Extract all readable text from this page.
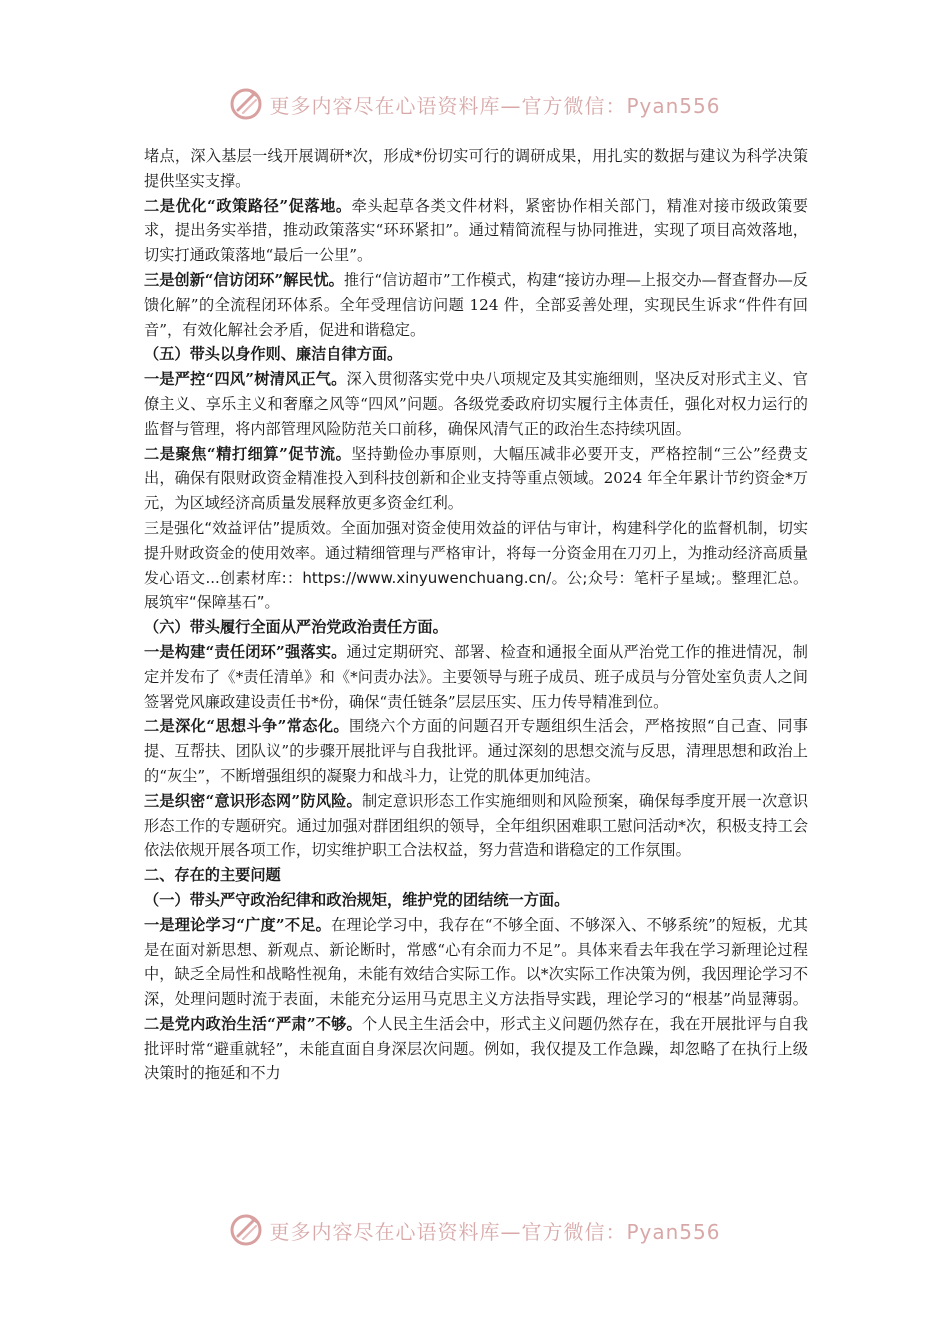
更多内容尽在心语资料库—官方微信：Pyan556

堵点，深入基层一线开展调研*次，形成*份切实可行的调研成果，用扎实的数据与建议为科学决策提供坚实支撑。

二是优化“政策路径”促落地。牵头起草各类文件材料，紧密协作相关部门，精准对接市级政策要求，提出务实举措，推动政策落实“环环紧扣”。通过精简流程与协同推进，实现了项目高效落地，切实打通政策落地“最后一公里”。

三是创新“信访闭环”解民忧。推行“信访超市”工作模式，构建“接访办理—上报交办—督查督办—反馈化解”的全流程闭环体系。全年受理信访问题 124 件，全部妥善处理，实现民生诉求“件件有回音”，有效化解社会矛盾，促进和谐稳定。

（五）带头以身作则、廉洁自律方面。

一是严控“四风”树清风正气。深入贯彻落实党中央八项规定及其实施细则，坚决反对形式主义、官僚主义、享乐主义和奢靡之风等“四风”问题。各级党委政府切实履行主体责任，强化对权力运行的监督与管理，将内部管理风险防范关口前移，确保风清气正的政治生态持续巩固。

二是聚焦“精打细算”促节流。坚持勤俭办事原则，大幅压减非必要开支，严格控制“三公”经费支出，确保有限财政资金精准投入到科技创新和企业支持等重点领域。2024 年全年累计节约资金*万元，为区域经济高质量发展释放更多资金红利。

三是强化“效益评估”提质效。全面加强对资金使用效益的评估与审计，构建科学化的监督机制，切实提升财政资金的使用效率。通过精细管理与严格审计，将每一分资金用在刀刃上，为推动经济高质量发心语文...创素材库:：https://www.xinyuwenchuang.cn/。公;众号：笔杆子星域;。整理汇总。展筑牢“保障基石”。

（六）带头履行全面从严治党政治责任方面。

一是构建“责任闭环”强落实。通过定期研究、部署、检查和通报全面从严治党工作的推进情况，制定并发布了《*责任清单》和《*问责办法》。主要领导与班子成员、班子成员与分管处室负责人之间签署党风廉政建设责任书*份，确保“责任链条”层层压实、压力传导精准到位。

二是深化“思想斗争”常态化。围绕六个方面的问题召开专题组织生活会，严格按照“自己查、同事提、互帮扶、团队议”的步骤开展批评与自我批评。通过深刻的思想交流与反思，清理思想和政治上的“灰尘”，不断增强组织的凝聚力和战斗力，让党的肌体更加纯洁。

三是织密“意识形态网”防风险。制定意识形态工作实施细则和风险预案，确保每季度开展一次意识形态工作的专题研究。通过加强对群团组织的领导，全年组织困难职工慰问活动*次，积极支持工会依法依规开展各项工作，切实维护职工合法权益，努力营造和谐稳定的工作氛围。

二、存在的主要问题

（一）带头严守政治纪律和政治规矩，维护党的团结统一方面。

一是理论学习“广度”不足。在理论学习中，我存在“不够全面、不够深入、不够系统”的短板，尤其是在面对新思想、新观点、新论断时，常感“心有余而力不足”。具体来看去年我在学习新理论过程中，缺乏全局性和战略性视角，未能有效结合实际工作。以*次实际工作决策为例，我因理论学习不深，处理问题时流于表面，未能充分运用马克思主义方法指导实践，理论学习的“根基”尚显薄弱。二是党内政治生活“严肃”不够。个人民主生活会中，形式主义问题仍然存在，我在开展批评与自我批评时常“避重就轻”，未能直面自身深层次问题。例如，我仅提及工作急躁，却忽略了在执行上级决策时的拖延和不力

更多内容尽在心语资料库—官方微信：Pyan556
